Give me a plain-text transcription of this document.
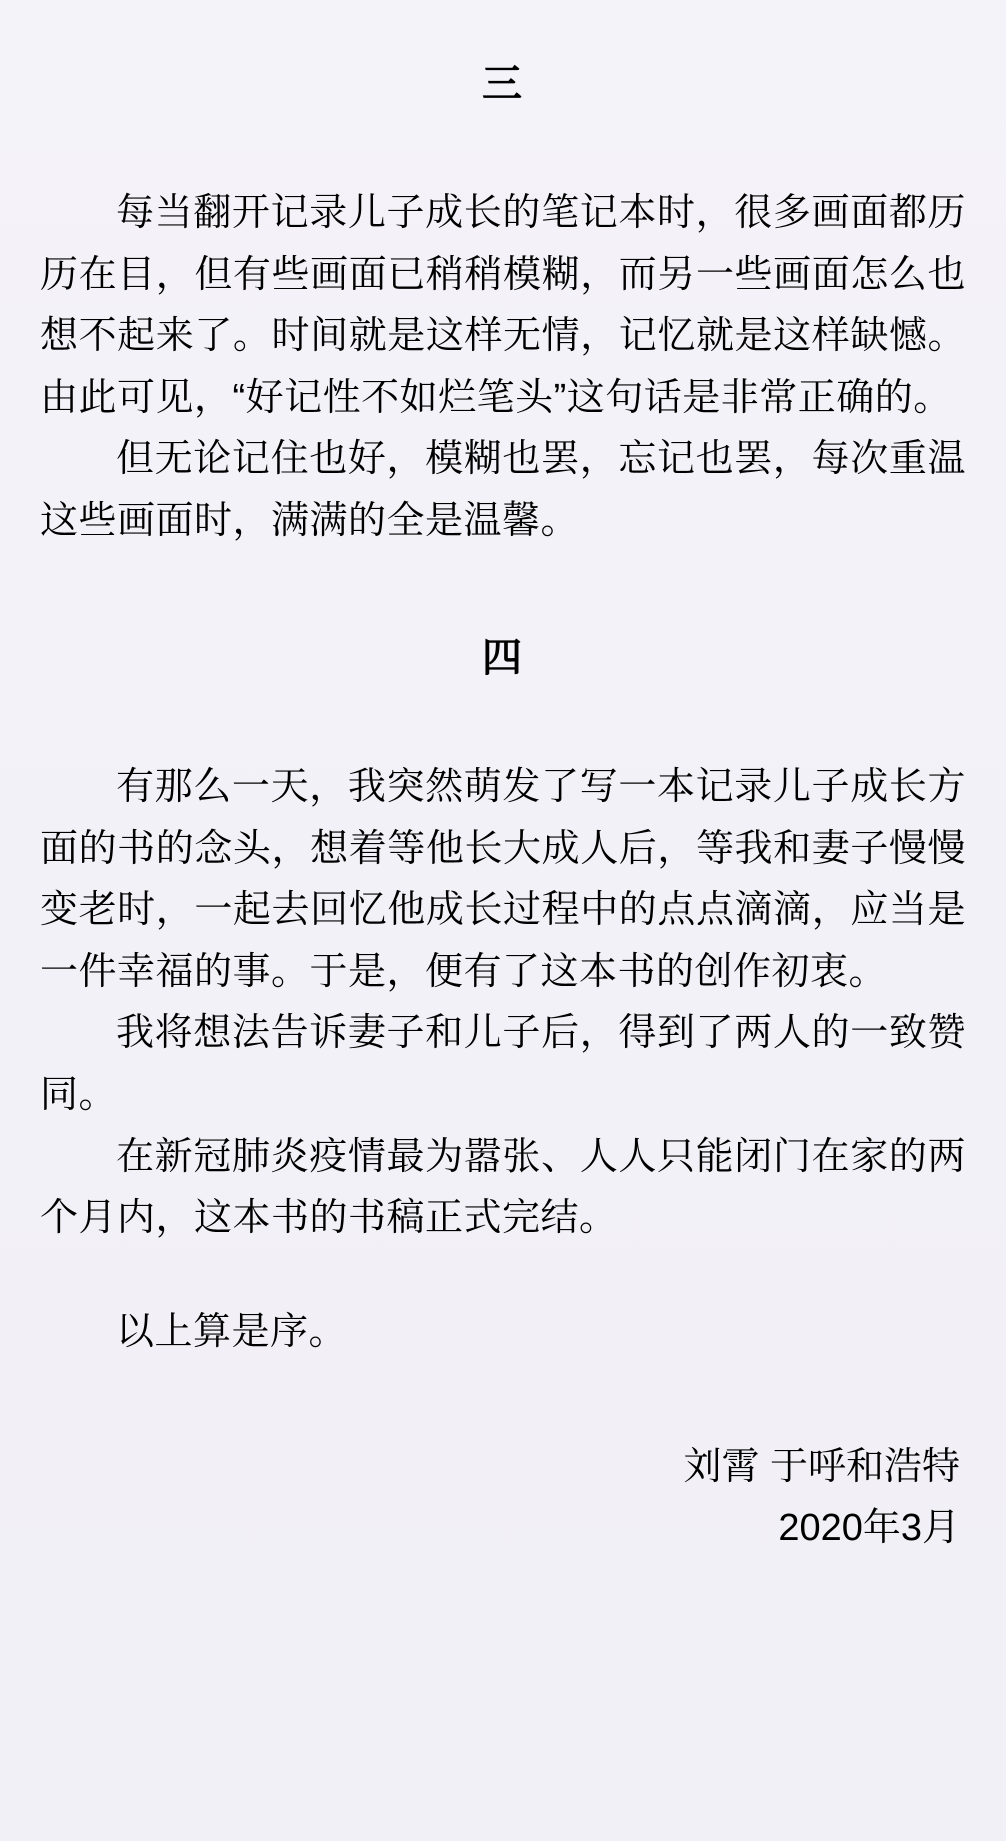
三

每当翻开记录儿子成长的笔记本时，很多画面都历历在目，但有些画面已稍稍模糊，而另一些画面怎么也想不起来了。时间就是这样无情，记忆就是这样缺憾。由此可见，“好记性不如烂笔头”这句话是非常正确的。

但无论记住也好，模糊也罢，忘记也罢，每次重温这些画面时，满满的全是温馨。

四

有那么一天，我突然萌发了写一本记录儿子成长方面的书的念头，想着等他长大成人后，等我和妻子慢慢变老时，一起去回忆他成长过程中的点点滴滴，应当是一件幸福的事。于是，便有了这本书的创作初衷。

我将想法告诉妻子和儿子后，得到了两人的一致赞同。

在新冠肺炎疫情最为嚣张、人人只能闭门在家的两个月内，这本书的书稿正式完结。

以上算是序。

刘霄 于呼和浩特
2020年3月
